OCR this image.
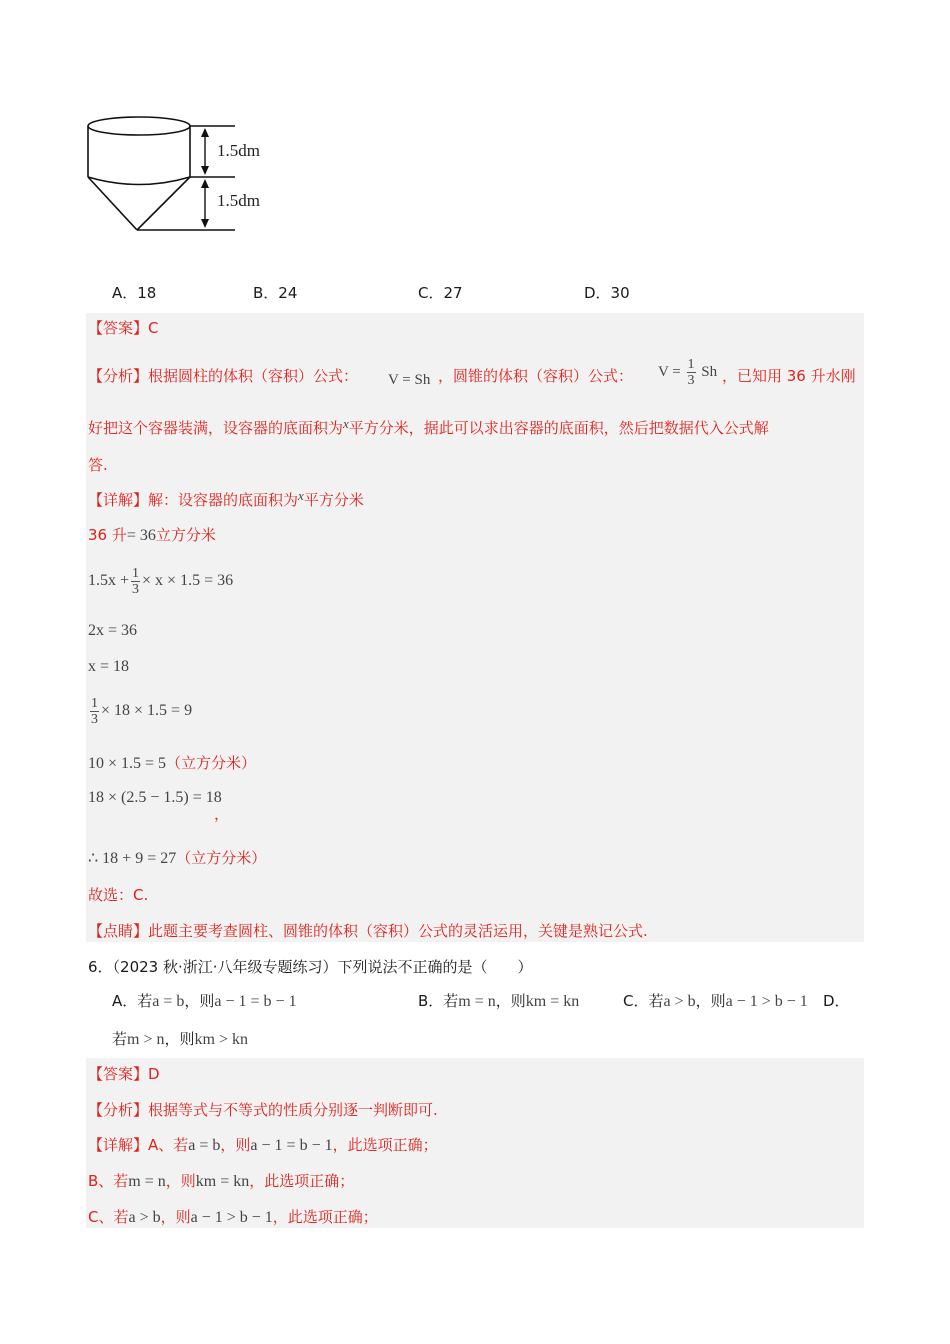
1.5dm
1.5dm
A．18	B．24	C．27	D．30
【答案】C
【分析】根据圆柱的体积（容积）公式： V = Sh ，圆锥的体积（容积）公式： $V = \frac{1}{3}$ Sh ，已知用 36 升水刚
好把这个容器装满，设容器的底面积为x平方分米，据此可以求出容器的底面积，然后把数据代入公式解
答.
【详解】解：设容器的底面积为x平方分米
36 升= 36立方分米
$1.5x + \frac{1}{3} \times x \times 1.5 = 36$
2x = 36
x = 18
$\frac{1}{3} \times 18 \times 1.5 = 9$
10 × 1.5 = 5（立方分米）
18 × (2.5 − 1.5) = 18
，
∴ 18 + 9 = 27（立方分米）
故选：C.
【点睛】此题主要考查圆柱、圆锥的体积（容积）公式的灵活运用，关键是熟记公式.
6．（2023 秋·浙江·八年级专题练习）下列说法不正确的是（　　）
A．若a = b，则a − 1 = b − 1	B．若m = n，则km = kn	C．若a > b，则a − 1 > b − 1 D．
若m > n，则km > kn
【答案】D
【分析】根据等式与不等式的性质分别逐一判断即可.
【详解】A、若a = b，则a − 1 = b − 1，此选项正确；
B、若m = n，则km = kn，此选项正确；
C、若a > b，则a − 1 > b − 1，此选项正确；
